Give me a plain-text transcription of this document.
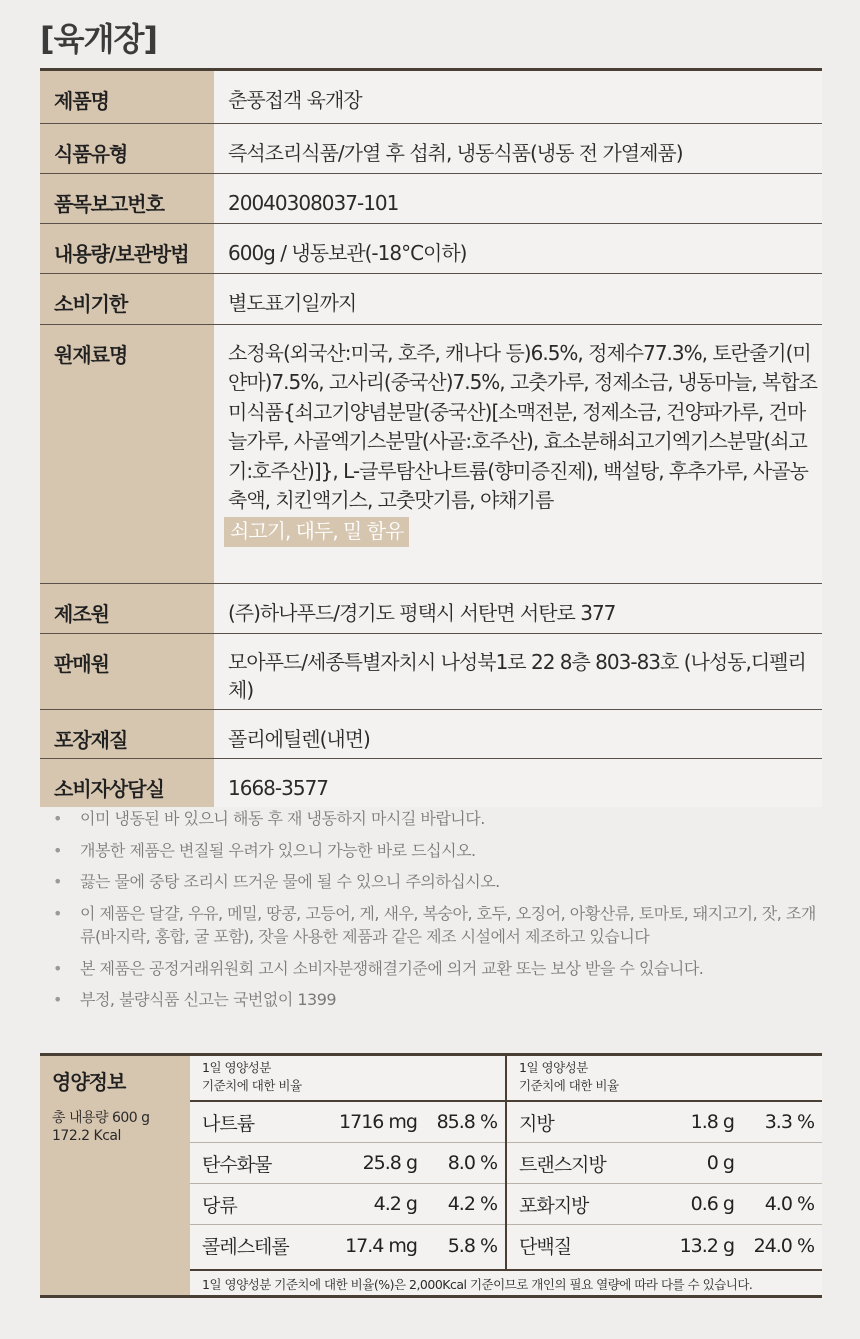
[육개장]
제품명	춘풍접객 육개장
식품유형	즉석조리식품/가열 후 섭취, 냉동식품(냉동 전 가열제품)
품목보고번호	20040308037-101
내용량/보관방법	600g / 냉동보관(-18°C이하)
소비기한	별도표기일까지
원재료명	소정육(외국산:미국, 호주, 캐나다 등)6.5%, 정제수77.3%, 토란줄기(미얀마)7.5%, 고사리(중국산)7.5%, 고춧가루, 정제소금, 냉동마늘, 복합조미식품{쇠고기양념분말(중국산)[소맥전분, 정제소금, 건양파가루, 건마늘가루, 사골엑기스분말(사골:호주산), 효소분해쇠고기엑기스분말(쇠고기:호주산)]}, L-글루탐산나트륨(향미증진제), 백설탕, 후추가루, 사골농축액, 치킨액기스, 고춧맛기름, 야채기름
쇠고기, 대두, 밀 함유
제조원	(주)하나푸드/경기도 평택시 서탄면 서탄로 377
판매원	모아푸드/세종특별자치시 나성북1로 22 8층 803-83호 (나성동,디펠리체)
포장재질	폴리에틸렌(내면)
소비자상담실	1668-3577
• 이미 냉동된 바 있으니 해동 후 재 냉동하지 마시길 바랍니다.
• 개봉한 제품은 변질될 우려가 있으니 가능한 바로 드십시오.
• 끓는 물에 중탕 조리시 뜨거운 물에 될 수 있으니 주의하십시오.
• 이 제품은 달걀, 우유, 메밀, 땅콩, 고등어, 게, 새우, 복숭아, 호두, 오징어, 아황산류, 토마토, 돼지고기, 잣, 조개류(바지락, 홍합, 굴 포함), 잣을 사용한 제품과 같은 제조 시설에서 제조하고 있습니다
• 본 제품은 공정거래위원회 고시 소비자분쟁해결기준에 의거 교환 또는 보상 받을 수 있습니다.
• 부정, 불량식품 신고는 국번없이 1399
영양정보
총 내용량 600 g
172.2 Kcal
1일 영양성분
기준치에 대한 비율
나트륨	1716 mg	85.8 %
탄수화물	25.8 g	8.0 %
당류	4.2 g	4.2 %
콜레스테롤	17.4 mg	5.8 %
1일 영양성분
기준치에 대한 비율
지방	1.8 g	3.3 %
트랜스지방	0 g
포화지방	0.6 g	4.0 %
단백질	13.2 g	24.0 %
1일 영양성분 기준치에 대한 비율(%)은 2,000Kcal 기준이므로 개인의 필요 열량에 따라 다를 수 있습니다.
